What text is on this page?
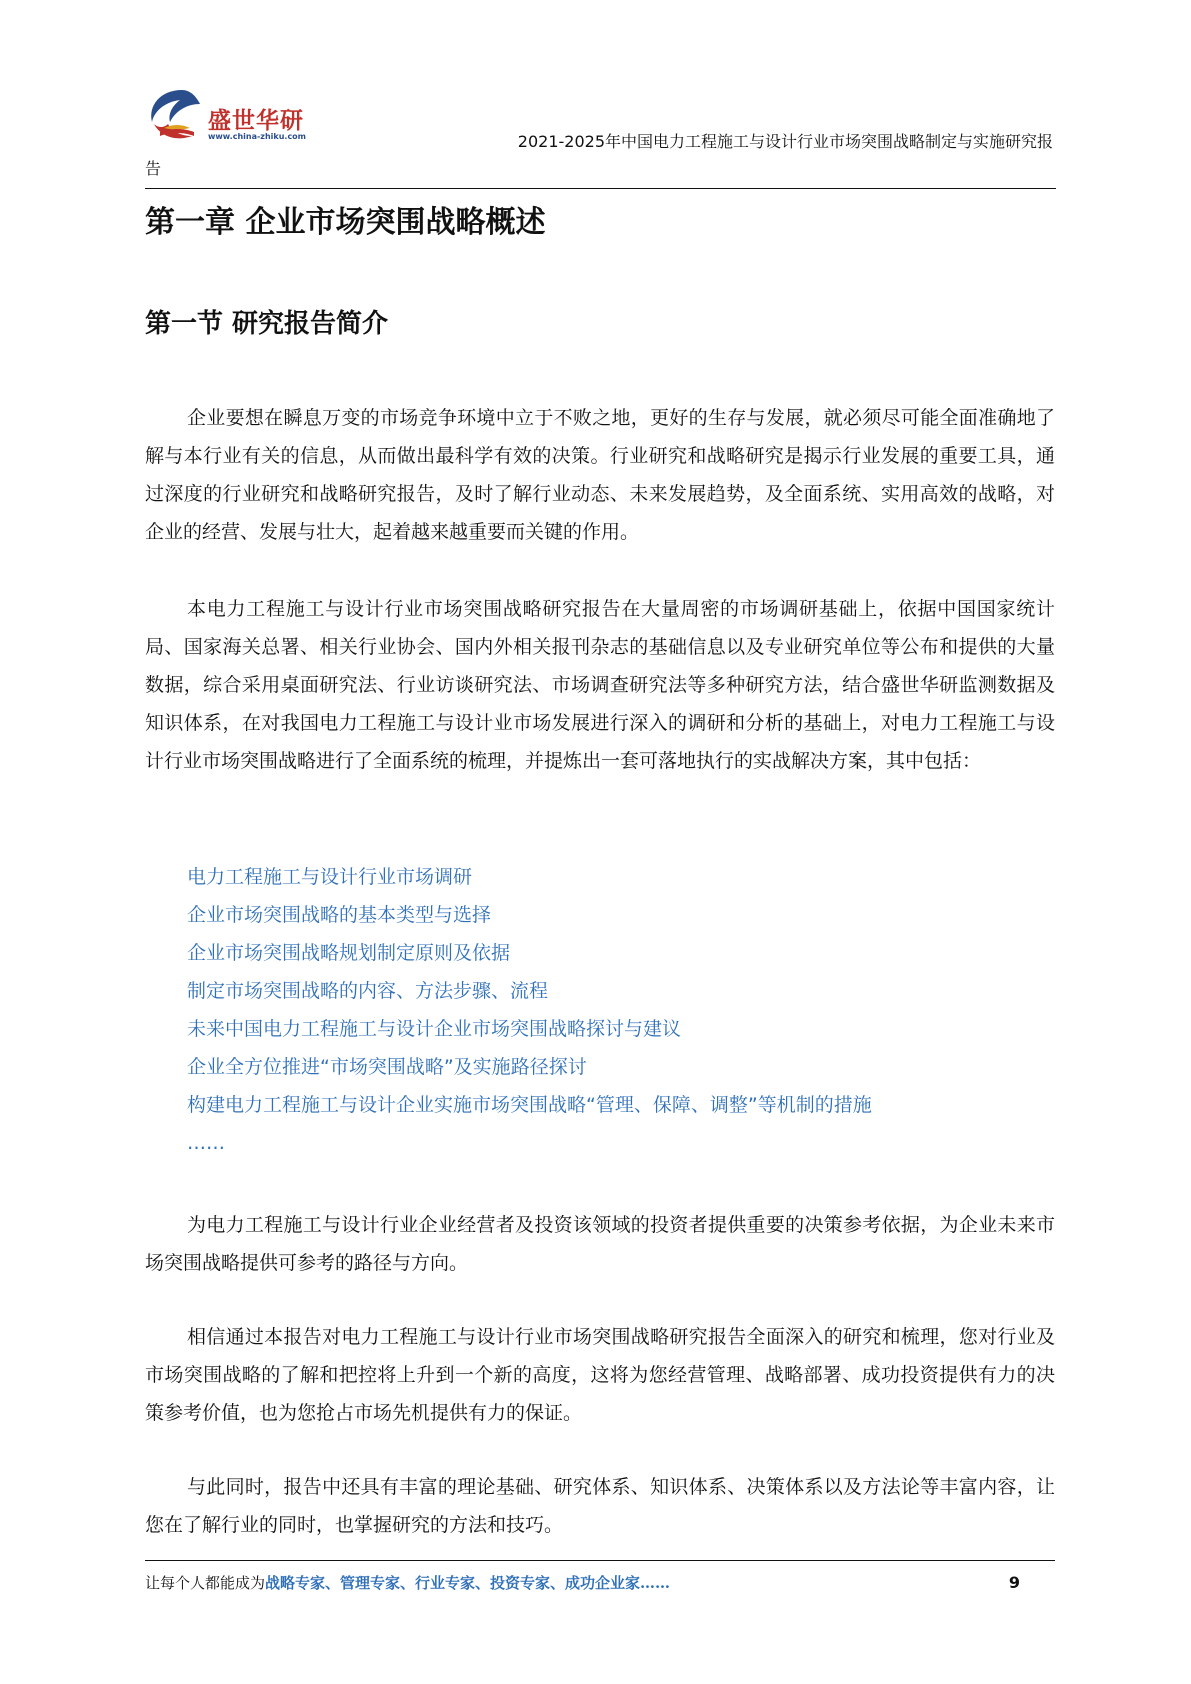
盛世华研
www.china-zhiku.com	2021-2025年中国电力工程施工与设计行业市场突围战略制定与实施研究报
告
第一章 企业市场突围战略概述
第一节 研究报告简介

企业要想在瞬息万变的市场竞争环境中立于不败之地，更好的生存与发展，就必须尽可能全面准确地了解与本行业有关的信息，从而做出最科学有效的决策。行业研究和战略研究是揭示行业发展的重要工具，通过深度的行业研究和战略研究报告，及时了解行业动态、未来发展趋势，及全面系统、实用高效的战略，对企业的经营、发展与壮大，起着越来越重要而关键的作用。

本电力工程施工与设计行业市场突围战略研究报告在大量周密的市场调研基础上，依据中国国家统计局、国家海关总署、相关行业协会、国内外相关报刊杂志的基础信息以及专业研究单位等公布和提供的大量数据，综合采用桌面研究法、行业访谈研究法、市场调查研究法等多种研究方法，结合盛世华研监测数据及知识体系，在对我国电力工程施工与设计业市场发展进行深入的调研和分析的基础上，对电力工程施工与设计行业市场突围战略进行了全面系统的梳理，并提炼出一套可落地执行的实战解决方案，其中包括：

电力工程施工与设计行业市场调研
企业市场突围战略的基本类型与选择
企业市场突围战略规划制定原则及依据
制定市场突围战略的内容、方法步骤、流程
未来中国电力工程施工与设计企业市场突围战略探讨与建议
企业全方位推进“市场突围战略”及实施路径探讨
构建电力工程施工与设计企业实施市场突围战略“管理、保障、调整”等机制的措施
……

为电力工程施工与设计行业企业经营者及投资该领域的投资者提供重要的决策参考依据，为企业未来市场突围战略提供可参考的路径与方向。

相信通过本报告对电力工程施工与设计行业市场突围战略研究报告全面深入的研究和梳理，您对行业及市场突围战略的了解和把控将上升到一个新的高度，这将为您经营管理、战略部署、成功投资提供有力的决策参考价值，也为您抢占市场先机提供有力的保证。

与此同时，报告中还具有丰富的理论基础、研究体系、知识体系、决策体系以及方法论等丰富内容，让您在了解行业的同时，也掌握研究的方法和技巧。

让每个人都能成为战略专家、管理专家、行业专家、投资专家、成功企业家……	9
